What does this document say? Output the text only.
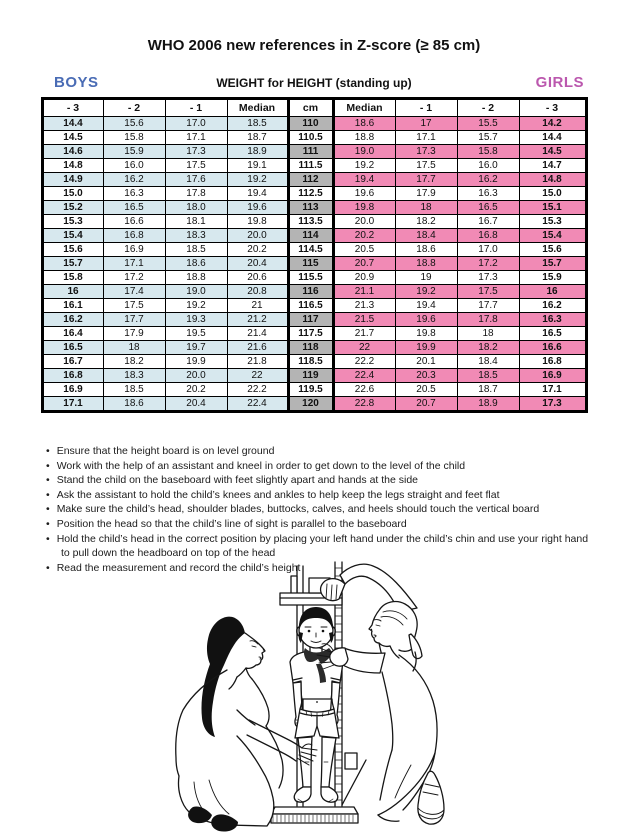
WHO 2006 new references in Z-score (≥ 85 cm)
BOYS	WEIGHT for HEIGHT (standing up)	GIRLS
- 3	- 2	- 1	Median	cm	Median	- 1	- 2	- 3
14.4	15.6	17.0	18.5	110	18.6	17	15.5	14.2
14.5	15.8	17.1	18.7	110.5	18.8	17.1	15.7	14.4
14.6	15.9	17.3	18.9	111	19.0	17.3	15.8	14.5
14.8	16.0	17.5	19.1	111.5	19.2	17.5	16.0	14.7
14.9	16.2	17.6	19.2	112	19.4	17.7	16.2	14.8
15.0	16.3	17.8	19.4	112.5	19.6	17.9	16.3	15.0
15.2	16.5	18.0	19.6	113	19.8	18	16.5	15.1
15.3	16.6	18.1	19.8	113.5	20.0	18.2	16.7	15.3
15.4	16.8	18.3	20.0	114	20.2	18.4	16.8	15.4
15.6	16.9	18.5	20.2	114.5	20.5	18.6	17.0	15.6
15.7	17.1	18.6	20.4	115	20.7	18.8	17.2	15.7
15.8	17.2	18.8	20.6	115.5	20.9	19	17.3	15.9
16	17.4	19.0	20.8	116	21.1	19.2	17.5	16
16.1	17.5	19.2	21	116.5	21.3	19.4	17.7	16.2
16.2	17.7	19.3	21.2	117	21.5	19.6	17.8	16.3
16.4	17.9	19.5	21.4	117.5	21.7	19.8	18	16.5
16.5	18	19.7	21.6	118	22	19.9	18.2	16.6
16.7	18.2	19.9	21.8	118.5	22.2	20.1	18.4	16.8
16.8	18.3	20.0	22	119	22.4	20.3	18.5	16.9
16.9	18.5	20.2	22.2	119.5	22.6	20.5	18.7	17.1
17.1	18.6	20.4	22.4	120	22.8	20.7	18.9	17.3
• Ensure that the height board is on level ground
• Work with the help of an assistant and kneel in order to get down to the level of the child
• Stand the child on the baseboard with feet slightly apart and hands at the side
• Ask the assistant to hold the child’s knees and ankles to help keep the legs straight and feet flat
• Make sure the child’s head, shoulder blades, buttocks, calves, and heels should touch the vertical board
• Position the head so that the child’s line of sight is parallel to the baseboard
• Hold the child’s head in the correct position by placing your left hand under the child’s chin and use your right hand to pull down the headboard on top of the head
• Read the measurement and record the child’s height
